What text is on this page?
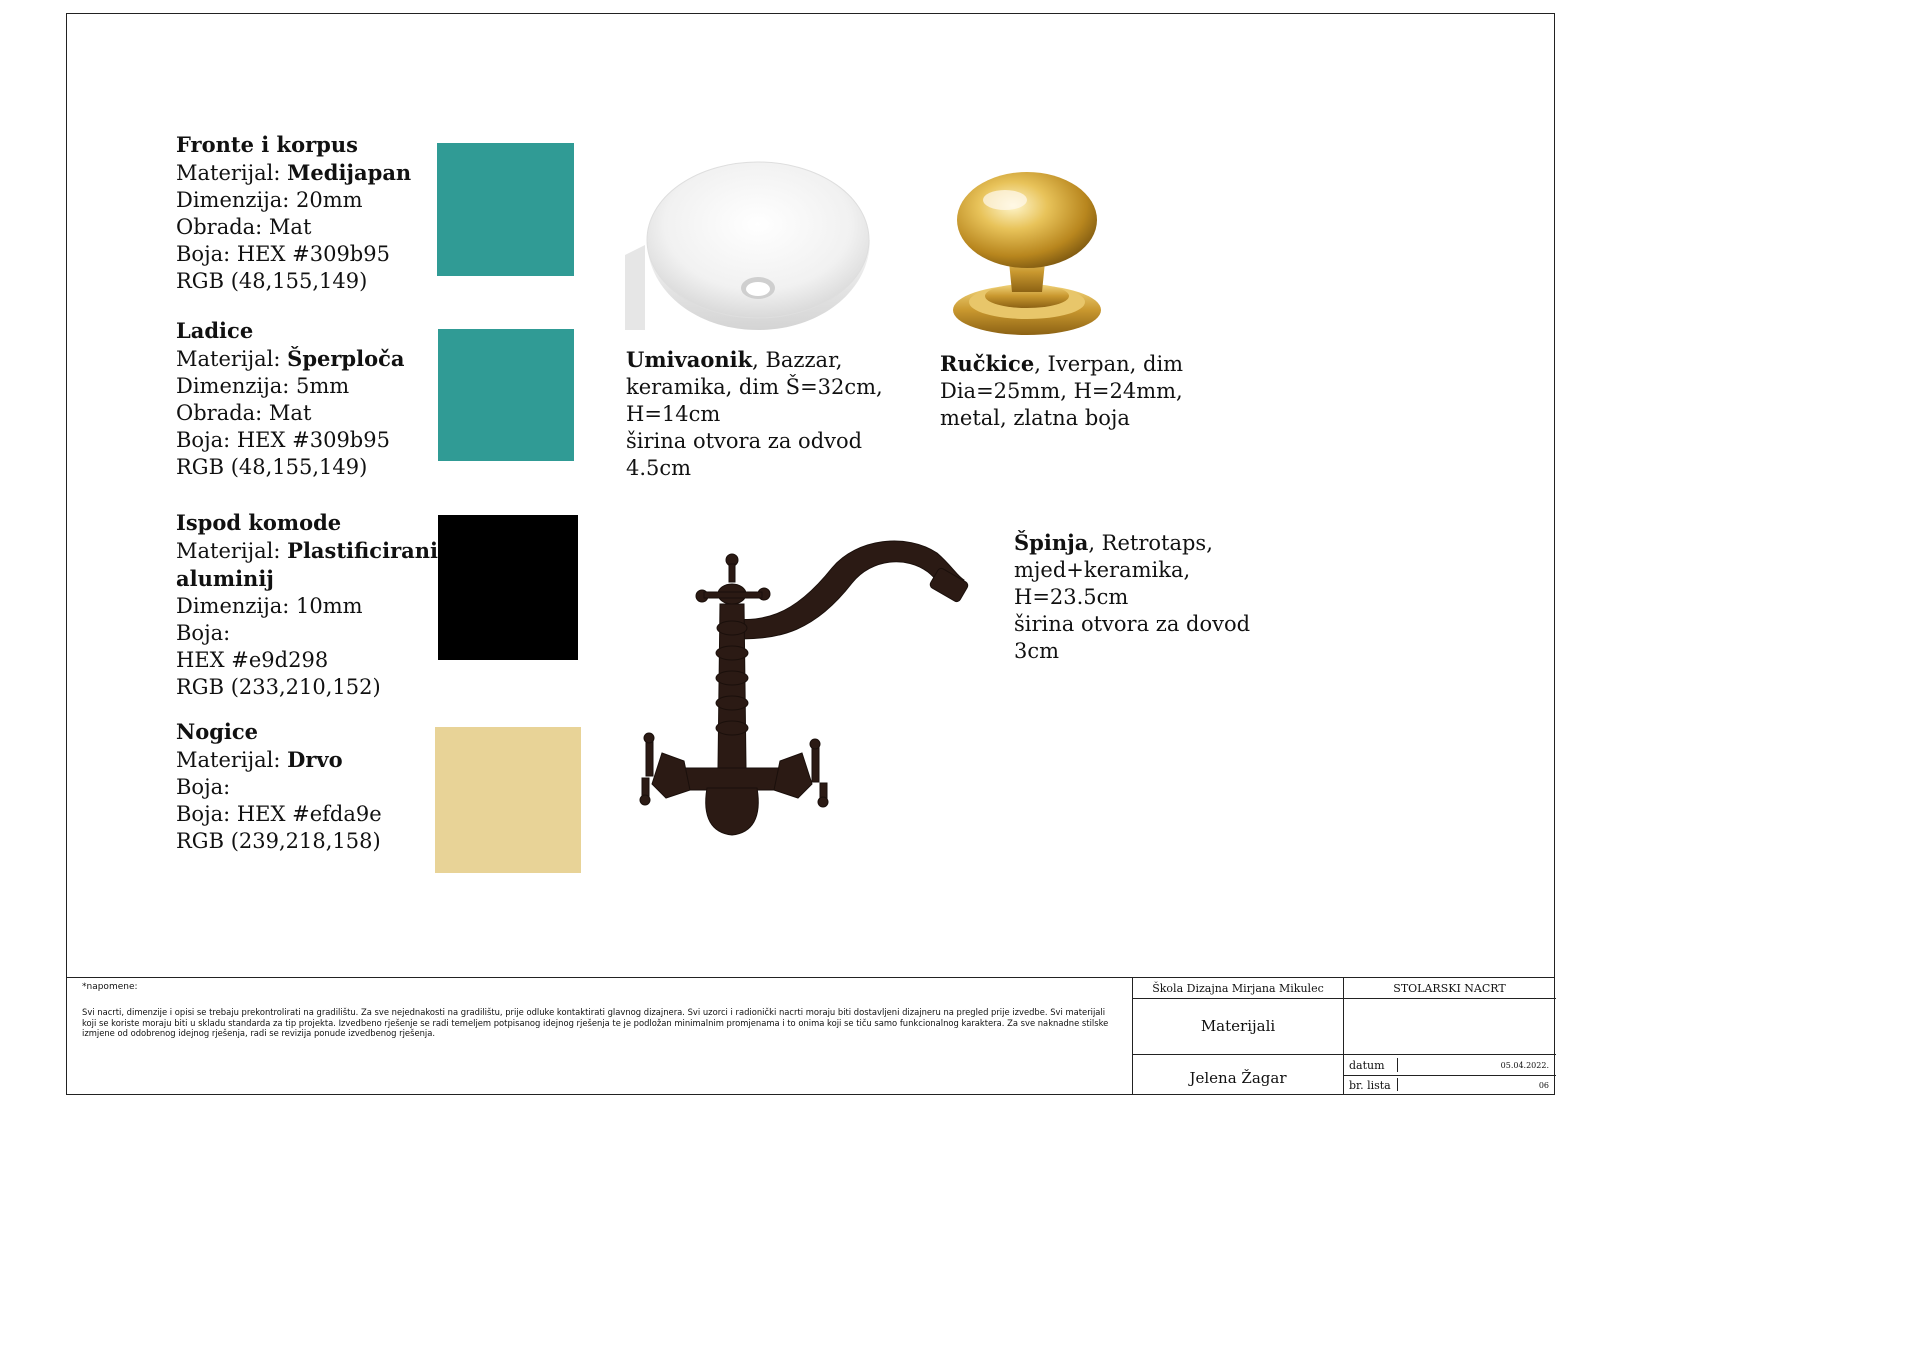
Fronte i korpus
Materijal: Medijapan
Dimenzija: 20mm
Obrada: Mat
Boja: HEX #309b95
RGB (48,155,149)
Ladice
Materijal: Šperploča
Dimenzija: 5mm
Obrada: Mat
Boja: HEX #309b95
RGB (48,155,149)
Ispod komode
Materijal: Plastificirani
aluminij
Dimenzija: 10mm
Boja:
HEX #e9d298
RGB (233,210,152)
Nogice
Materijal: Drvo
Boja:
Boja: HEX #efda9e
RGB (239,218,158)
Umivaonik, Bazzar,
keramika, dim Š=32cm,
H=14cm
širina otvora za odvod
4.5cm
Ručkice, Iverpan, dim
Dia=25mm, H=24mm,
metal, zlatna boja
Špinja, Retrotaps,
mjed+keramika,
H=23.5cm
širina otvora za dovod
3cm
*napomene:
Svi nacrti, dimenzije i opisi se trebaju prekontrolirati na gradilištu. Za sve nejednakosti na gradilištu, prije odluke kontaktirati glavnog dizajnera. Svi uzorci i radionički nacrti moraju biti dostavljeni dizajneru na pregled prije izvedbe. Svi materijali koji se koriste moraju biti u skladu standarda za tip projekta. Izvedbeno rješenje se radi temeljem potpisanog idejnog rješenja te je podložan minimalnim promjenama i to onima koji se tiču samo funkcionalnog karaktera. Za sve naknadne stilske izmjene od odobrenog idejnog rješenja, radi se revizija ponude izvedbenog rješenja.
Škola Dizajna Mirjana Mikulec	STOLARSKI NACRT
Materijali
Jelena Žagar
datum	05.04.2022.
br. lista	06
